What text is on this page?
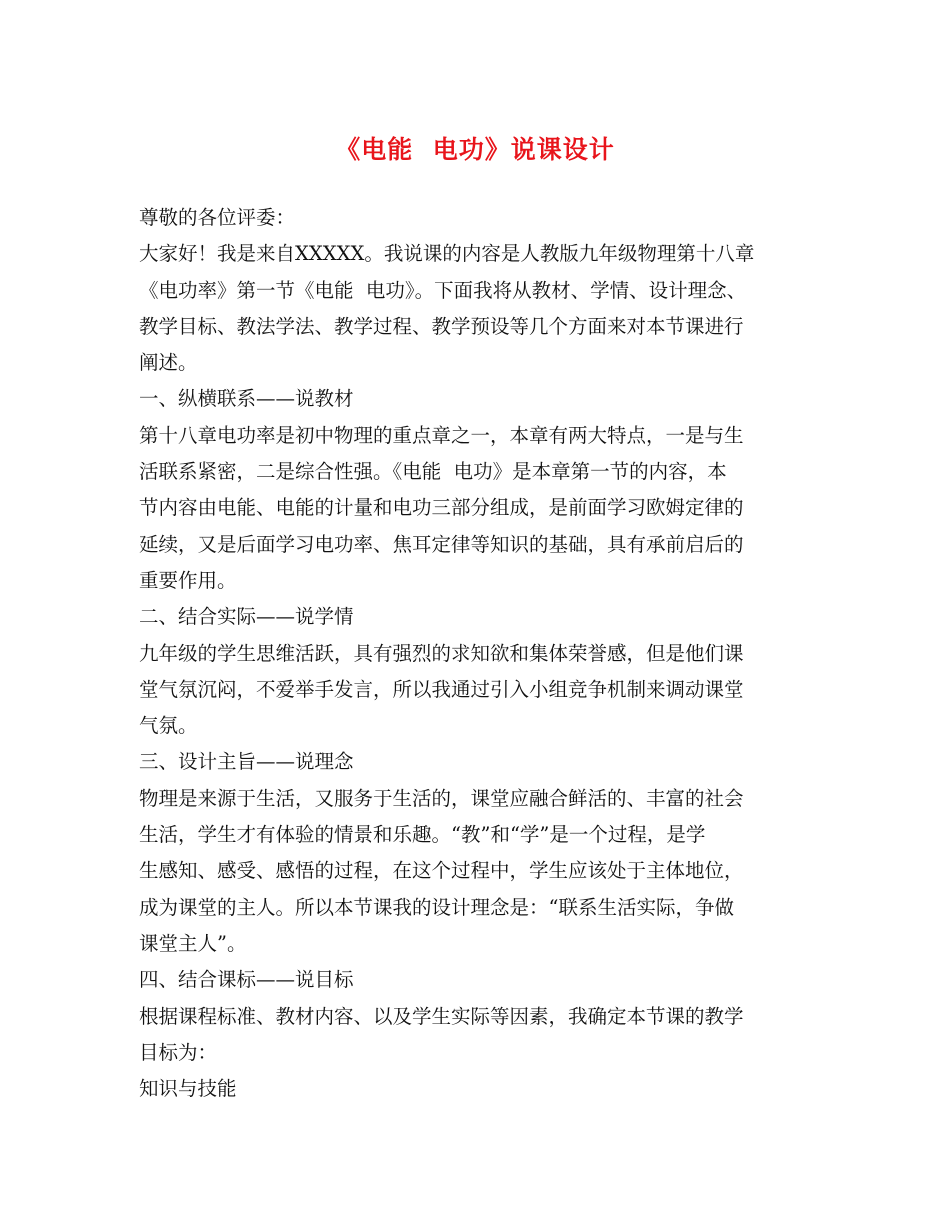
《电能  电功》说课设计
尊敬的各位评委：
大家好！我是来自XXXXX。我说课的内容是人教版九年级物理第十八章
《电功率》第一节《电能  电功》。下面我将从教材、学情、设计理念、
教学目标、教法学法、教学过程、教学预设等几个方面来对本节课进行
阐述。
一、纵横联系——说教材
第十八章电功率是初中物理的重点章之一，本章有两大特点，一是与生
活联系紧密，二是综合性强。《电能  电功》是本章第一节的内容，本
节内容由电能、电能的计量和电功三部分组成，是前面学习欧姆定律的
延续，又是后面学习电功率、焦耳定律等知识的基础，具有承前启后的
重要作用。
二、结合实际——说学情
九年级的学生思维活跃，具有强烈的求知欲和集体荣誉感，但是他们课
堂气氛沉闷，不爱举手发言，所以我通过引入小组竞争机制来调动课堂
气氛。
三、设计主旨——说理念
物理是来源于生活，又服务于生活的，课堂应融合鲜活的、丰富的社会
生活，学生才有体验的情景和乐趣。“教”和“学”是一个过程，是学
生感知、感受、感悟的过程，在这个过程中，学生应该处于主体地位，
成为课堂的主人。所以本节课我的设计理念是：“联系生活实际，争做
课堂主人”。
四、结合课标——说目标
根据课程标准、教材内容、以及学生实际等因素，我确定本节课的教学
目标为：
知识与技能
